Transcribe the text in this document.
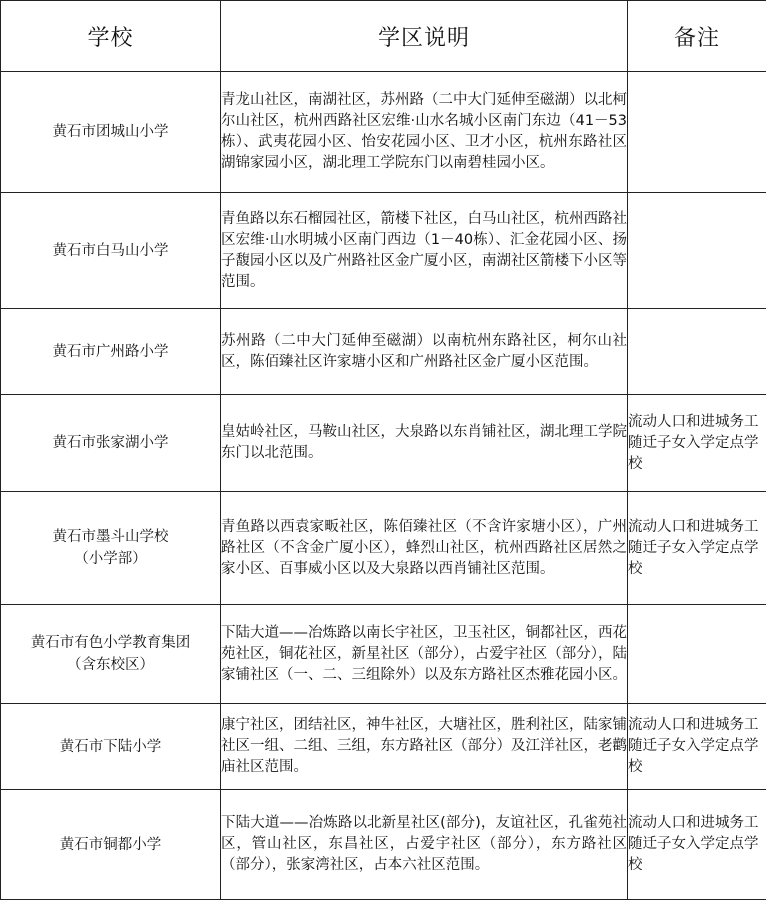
学校	学区说明	备注

黄石市团城山小学	青龙山社区，南湖社区，苏州路（二中大门延伸至磁湖）以北柯尔山社区，杭州西路社区宏维·山水名城小区南门东边（41－53栋）、武夷花园小区、怡安花园小区、卫才小区，杭州东路社区湖锦家园小区，湖北理工学院东门以南碧桂园小区。	

黄石市白马山小学	青鱼路以东石榴园社区，箭楼下社区，白马山社区，杭州西路社区宏维·山水明城小区南门西边（1－40栋）、汇金花园小区、扬子馥园小区以及广州路社区金广厦小区，南湖社区箭楼下小区等范围。	

黄石市广州路小学	苏州路（二中大门延伸至磁湖）以南杭州东路社区，柯尔山社区，陈佰臻社区许家塘小区和广州路社区金广厦小区范围。	

黄石市张家湖小学	皇姑岭社区，马鞍山社区，大泉路以东肖铺社区，湖北理工学院东门以北范围。	流动人口和进城务工随迁子女入学定点学校

黄石市墨斗山学校
（小学部）	青鱼路以西袁家畈社区，陈佰臻社区（不含许家塘小区），广州路社区（不含金广厦小区），蜂烈山社区，杭州西路社区居然之家小区、百事威小区以及大泉路以西肖铺社区范围。	流动人口和进城务工随迁子女入学定点学校

黄石市有色小学教育集团
（含东校区）	下陆大道——冶炼路以南长宇社区，卫玉社区，铜都社区，西花苑社区，铜花社区，新星社区（部分），占爱宇社区（部分），陆家铺社区（一、二、三组除外）以及东方路社区杰雅花园小区。	

黄石市下陆小学	康宁社区，团结社区，神牛社区，大塘社区，胜利社区，陆家铺社区一组、二组、三组，东方路社区（部分）及江洋社区，老鹳庙社区范围。	流动人口和进城务工随迁子女入学定点学校

黄石市铜都小学	下陆大道——冶炼路以北新星社区(部分)，友谊社区，孔雀苑社区，管山社区，东昌社区，占爱宇社区（部分），东方路社区（部分），张家湾社区，占本六社区范围。	流动人口和进城务工随迁子女入学定点学校
